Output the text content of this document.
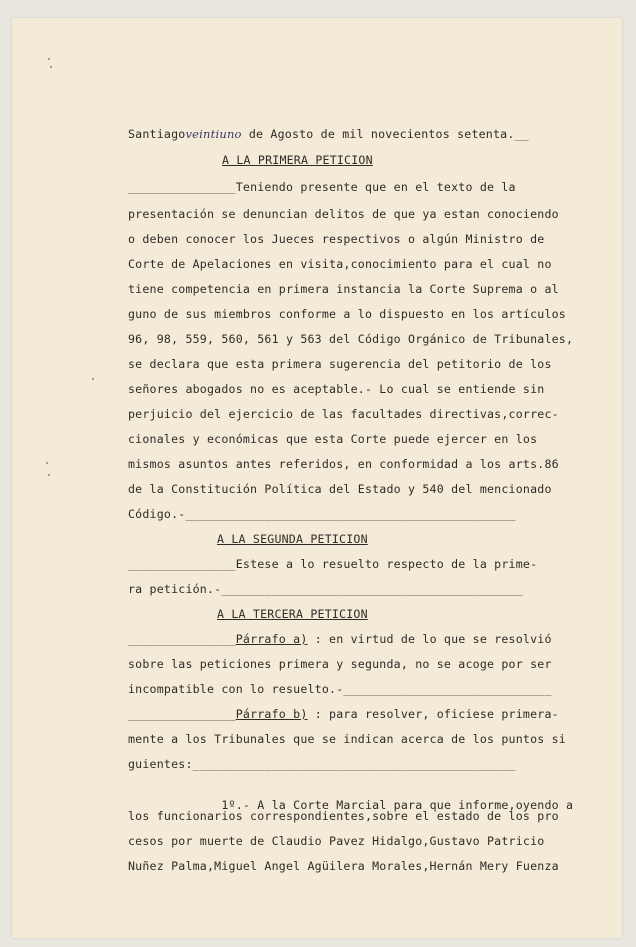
Santiagoveintiuno de Agosto de mil novecientos setenta.__
A LA PRIMERA PETICION
_______________Teniendo presente que en el texto de la
presentación se denuncian delitos de que ya estan conociendo
o deben conocer los Jueces respectivos o algún Ministro de
Corte de Apelaciones en visita,conocimiento para el cual no
tiene competencia en primera instancia la Corte Suprema o al
guno de sus miembros conforme a lo dispuesto en los artículos
96, 98, 559, 560, 561 y 563 del Código Orgánico de Tribunales,
se declara que esta primera sugerencia del petitorio de los
señores abogados no es aceptable.- Lo cual se entiende sin
perjuicio del ejercicio de las facultades directivas,correc-
cionales y económicas que esta Corte puede ejercer en los
mismos asuntos antes referidos, en conformidad a los arts.86
de la Constitución Política del Estado y 540 del mencionado
Código.-______________________________________________
A LA SEGUNDA PETICION
_______________Estese a lo resuelto respecto de la prime-
ra petición.-__________________________________________
A LA TERCERA PETICION
_______________Párrafo a) : en virtud de lo que se resolvió
sobre las peticiones primera y segunda, no se acoge por ser
incompatible con lo resuelto.-_____________________________
_______________Párrafo b) : para resolver, oficiese primera-
mente a los Tribunales que se indican acerca de los puntos si
guientes:_____________________________________________

1º.- A la Corte Marcial para que informe,oyendo a

los funcionarios correspondientes,sobre el estado de los pro
cesos por muerte de Claudio Pavez Hidalgo,Gustavo Patricio
Nuñez Palma,Miguel Angel Agüilera Morales,Hernán Mery Fuenza
